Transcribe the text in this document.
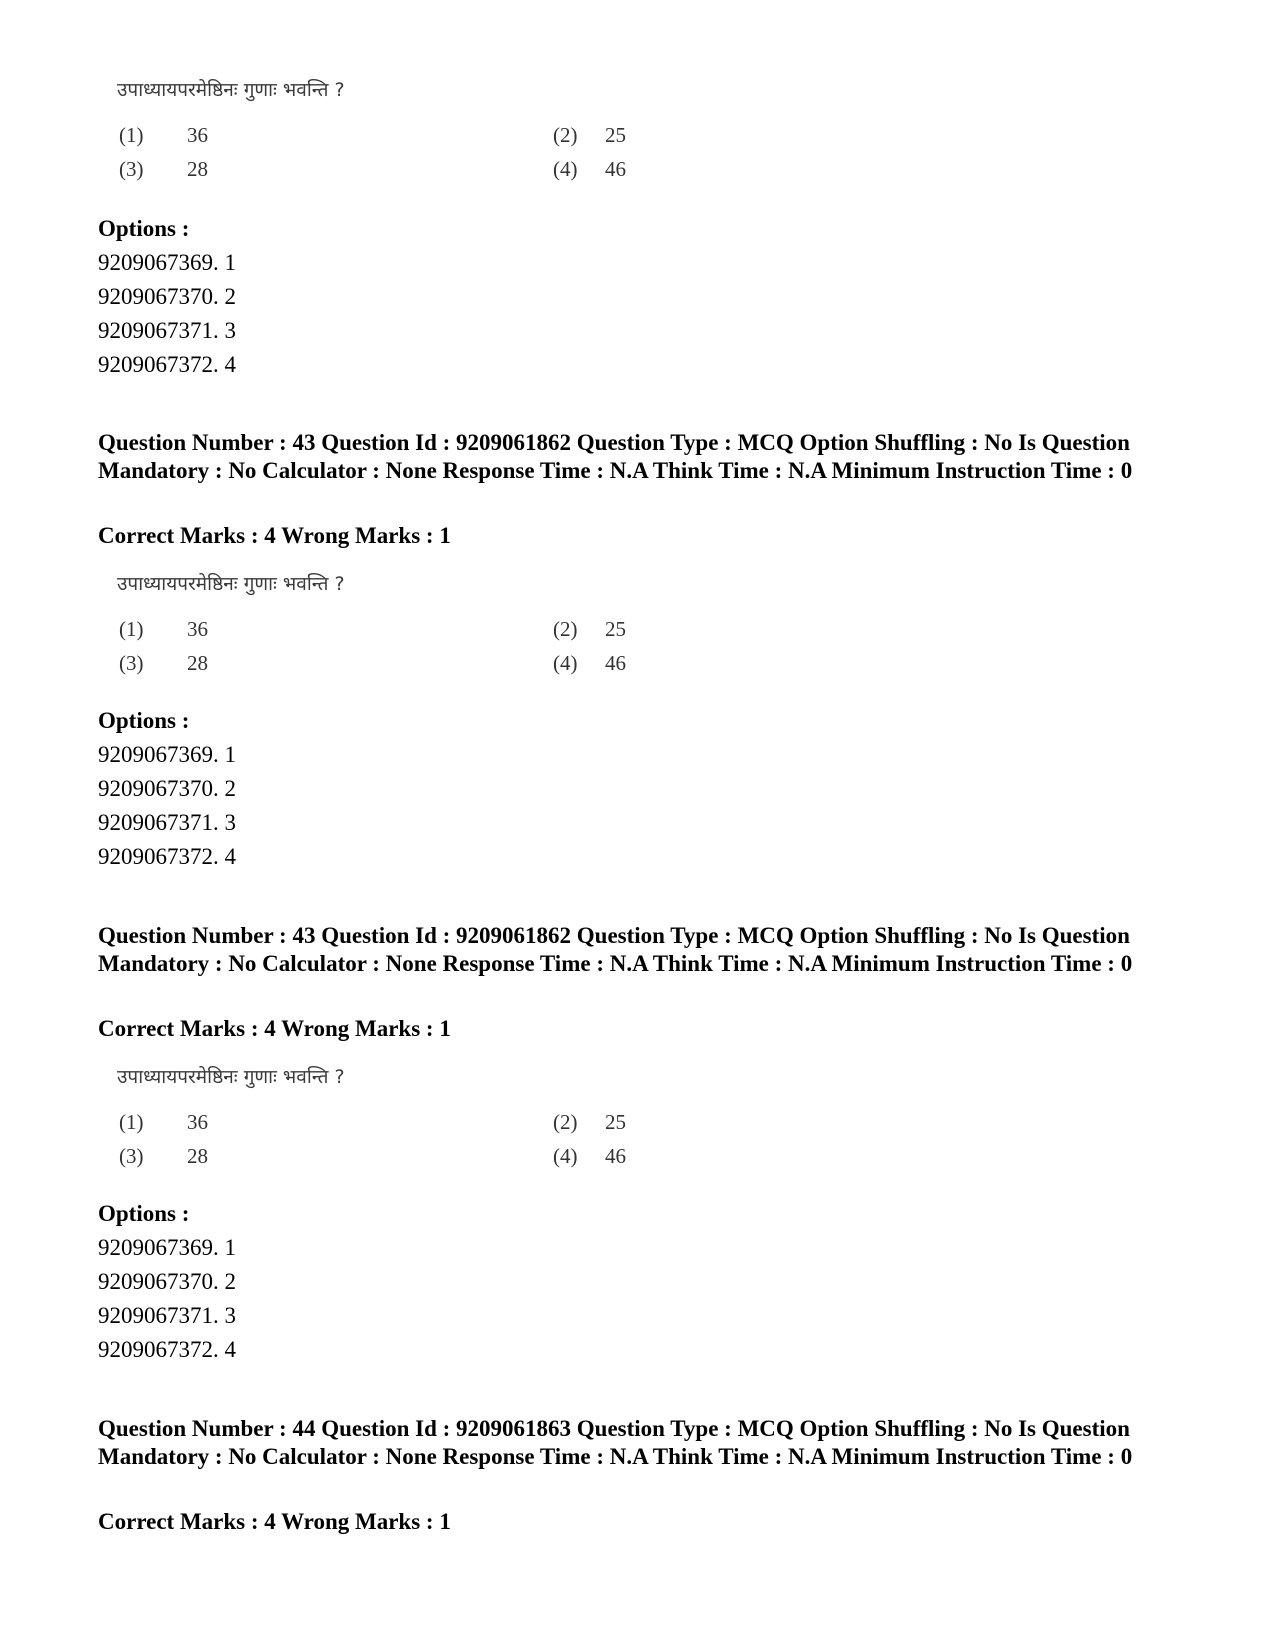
उपाध्यायपरमेष्ठिनः गुणाः भवन्ति ?
(1) 36	(2) 25
(3) 28	(4) 46
Options :
9209067369. 1
9209067370. 2
9209067371. 3
9209067372. 4
Question Number : 43 Question Id : 9209061862 Question Type : MCQ Option Shuffling : No Is Question Mandatory : No Calculator : None Response Time : N.A Think Time : N.A Minimum Instruction Time : 0
Correct Marks : 4 Wrong Marks : 1
उपाध्यायपरमेष्ठिनः गुणाः भवन्ति ?
(1) 36	(2) 25
(3) 28	(4) 46
Options :
9209067369. 1
9209067370. 2
9209067371. 3
9209067372. 4
Question Number : 43 Question Id : 9209061862 Question Type : MCQ Option Shuffling : No Is Question Mandatory : No Calculator : None Response Time : N.A Think Time : N.A Minimum Instruction Time : 0
Correct Marks : 4 Wrong Marks : 1
उपाध्यायपरमेष्ठिनः गुणाः भवन्ति ?
(1) 36	(2) 25
(3) 28	(4) 46
Options :
9209067369. 1
9209067370. 2
9209067371. 3
9209067372. 4
Question Number : 44 Question Id : 9209061863 Question Type : MCQ Option Shuffling : No Is Question Mandatory : No Calculator : None Response Time : N.A Think Time : N.A Minimum Instruction Time : 0
Correct Marks : 4 Wrong Marks : 1
